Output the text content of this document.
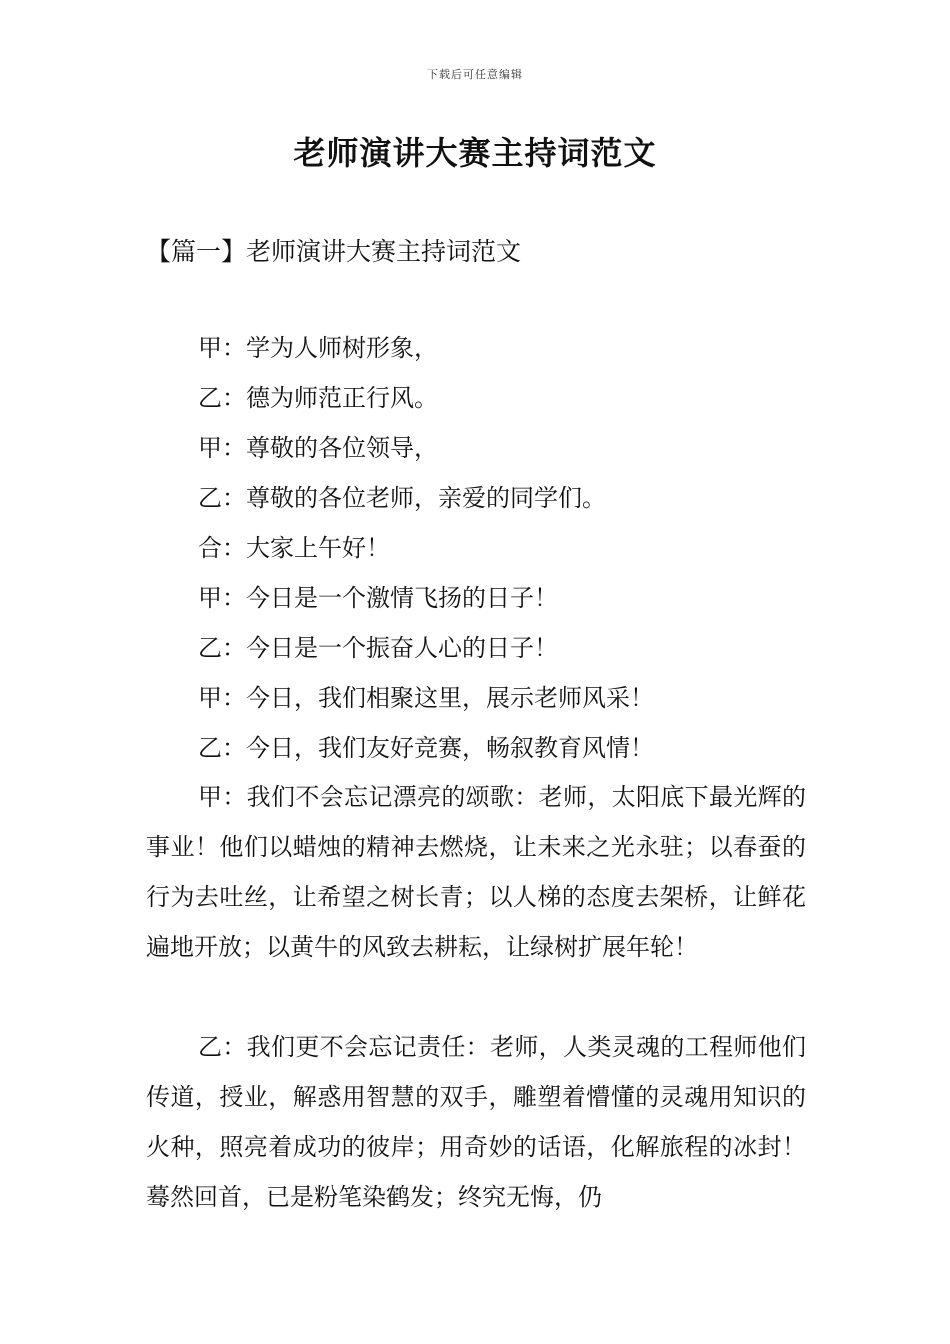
下载后可任意编辑
老师演讲大赛主持词范文
【篇一】老师演讲大赛主持词范文
甲：学为人师树形象，
乙：德为师范正行风。
甲：尊敬的各位领导，
乙：尊敬的各位老师，亲爱的同学们。
合：大家上午好！
甲：今日是一个激情飞扬的日子！
乙：今日是一个振奋人心的日子！
甲：今日，我们相聚这里，展示老师风采！
乙：今日，我们友好竞赛，畅叙教育风情！

甲：我们不会忘记漂亮的颂歌：老师，太阳底下最光辉的事业！他们以蜡烛的精神去燃烧，让未来之光永驻；以春蚕的行为去吐丝，让希望之树长青；以人梯的态度去架桥，让鲜花遍地开放；以黄牛的风致去耕耘，让绿树扩展年轮！

乙：我们更不会忘记责任：老师，人类灵魂的工程师他们传道，授业，解惑用智慧的双手，雕塑着懵懂的灵魂用知识的火种，照亮着成功的彼岸；用奇妙的话语，化解旅程的冰封！蓦然回首，已是粉笔染鹤发；终究无悔，仍
